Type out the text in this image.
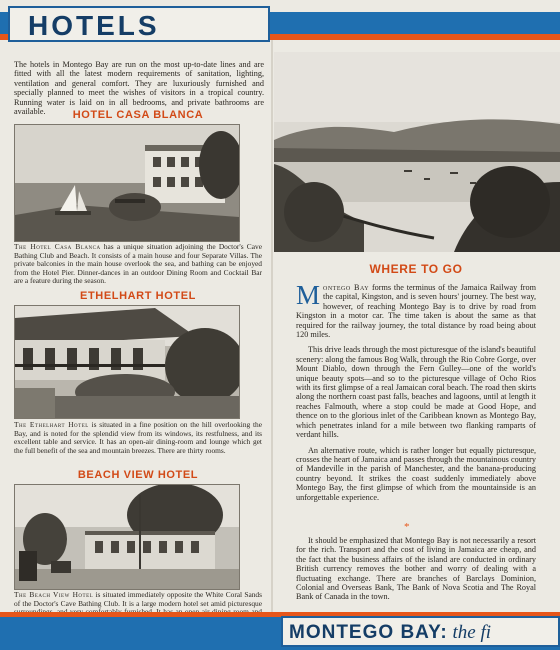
HOTELS

The hotels in Montego Bay are run on the most up-to-date lines and are fitted with all the latest modern requirements of sanitation, lighting, ventilation and general comfort. They are luxuriously furnished and specially planned to meet the wishes of visitors in a tropical country. Running water is laid on in all bedrooms, and private bathrooms are available.	HOTEL CASA BLANCA

The Hotel Casa Blanca has a unique situation adjoining the Doctor's Cave Bathing Club and Beach. It consists of a main house and four Separate Villas. The private balconies in the main house overlook the sea, and bathing can be enjoyed from the Hotel Pier. Dinner-dances in an outdoor Dining Room and Cocktail Bar are a feature during the season.

ETHELHART HOTEL

The Ethelhart Hotel is situated in a fine position on the hill overlooking the Bay, and is noted for the splendid view from its windows, its restfulness, and its excellent table and service. It has an open-air dining-room and lounge which get the full benefit of the sea and mountain breezes. There are thirty rooms.

BEACH VIEW HOTEL

The Beach View Hotel is situated immediately opposite the White Coral Sands of the Doctor's Cave Bathing Club. It is a large modern hotel set amid picturesque

WHERE TO GO

Montego Bay forms the terminus of the Jamaica Railway from the capital, Kingston, and is seven hours' journey. The best way, however, of reaching Montego Bay is to drive by road from Kingston in a motor car. The time taken is about the same as that required for the railway journey, the total distance by road being about 120 miles.

This drive leads through the most picturesque of the island's beautiful scenery: along the famous Bog Walk, through the Rio Cobre Gorge, over Mount Diablo, down through the Fern Gulley—one of the world's unique beauty spots—and so to the picturesque village of Ocho Rios with its first glimpse of a real Jamaican coral beach. The road then skirts along the northern coast past falls, beaches and lagoons, until at length it reaches Falmouth, where a stop could be made at Good Hope, and thence on to the glorious inlet of the Caribbean known as Montego Bay, which penetrates inland for a mile between two flanking ramparts of verdant hills.

An alternative route, which is rather longer but equally picturesque, crosses the heart of Jamaica and passes through the mountainous country of Mandeville in the parish of Manchester, and the banana-producing country beyond. It strikes the coast suddenly immediately above Montego Bay, the first glimpse of which from the mountainside is an unforgettable experience.

*

It should be emphasized that Montego Bay is not necessarily a resort for the rich. Transport and the cost of living in Jamaica are cheap, and the fact that the business affairs of the island are conducted in ordinary British currency removes the bother and worry of dealing with a fluctuating exchange. There are branches of Barclays Dominion, Colonial and Overseas Bank, The Bank of Nova Scotia and The Royal Bank of Canada in the town.

MONTEGO BAY: the fi
